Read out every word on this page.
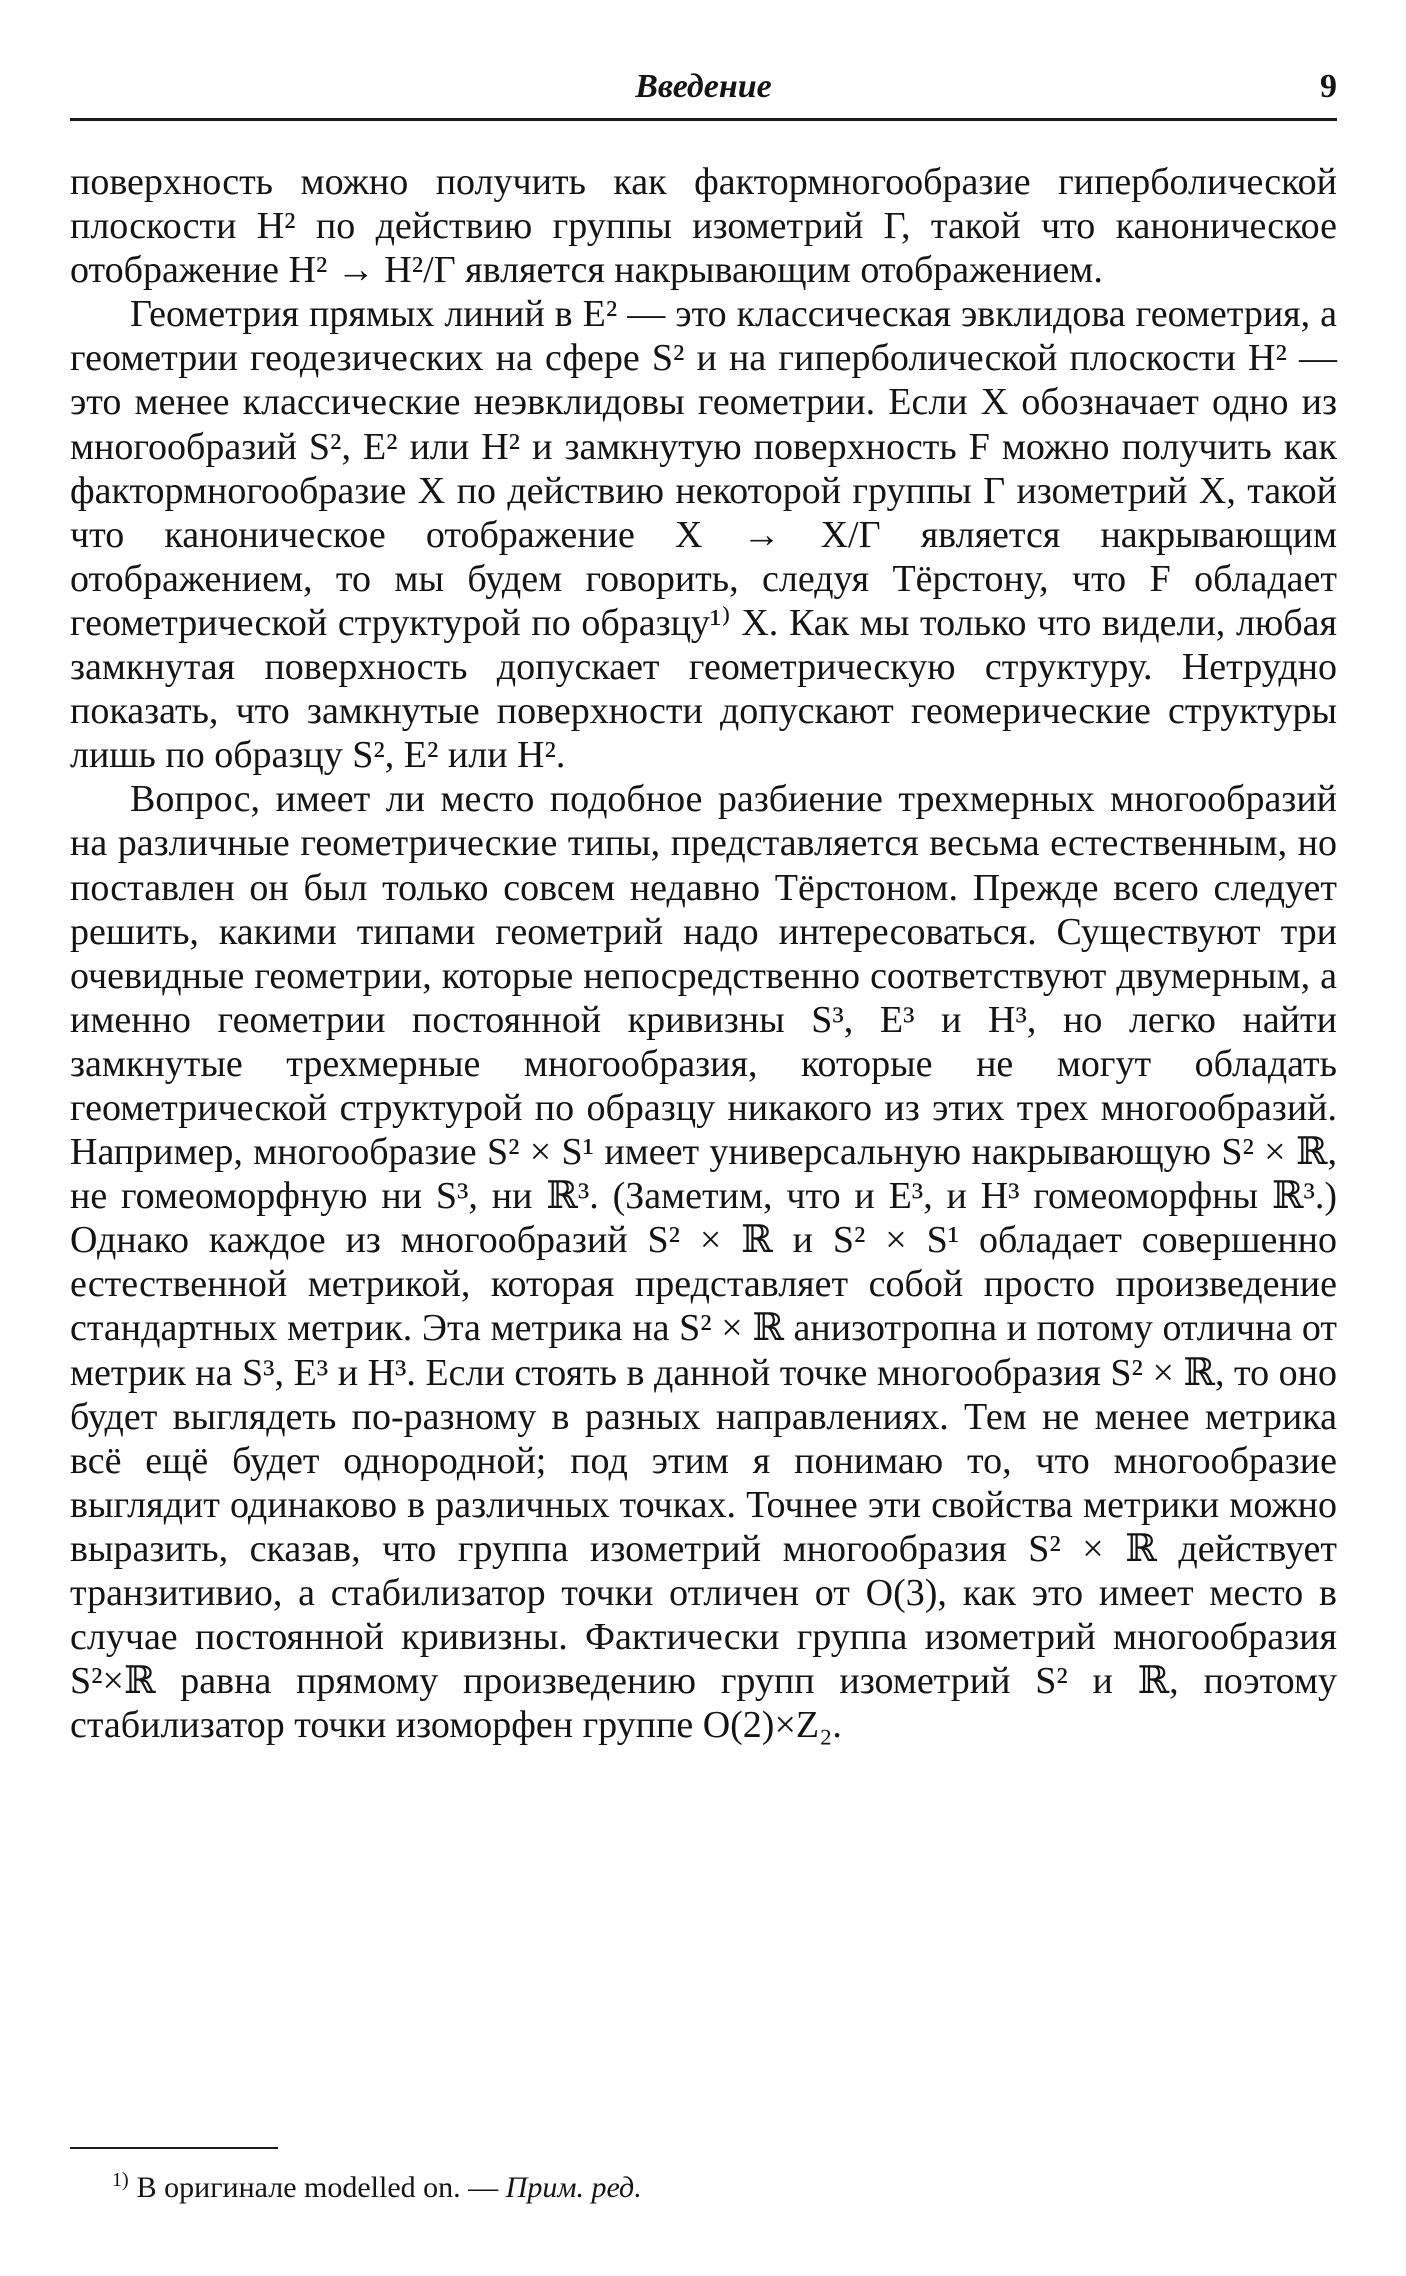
Введение	9

поверхность можно получить как фактормногообразие гиперболической плоскости H² по действию группы изометрий Γ, такой что каноническое отображение H² → H²/Γ является накрывающим отображением.

Геометрия прямых линий в E² — это классическая эвклидова геометрия, а геометрии геодезических на сфере S² и на гиперболической плоскости H² — это менее классические неэвклидовы геометрии. Если X обозначает одно из многообразий S², E² или H² и замкнутую поверхность F можно получить как фактормногообразие X по действию некоторой группы Γ изометрий X, такой что каноническое отображение X → X/Γ является накрывающим отображением, то мы будем говорить, следуя Тёрстону, что F обладает геометрической структурой по образцу¹⁾ X. Как мы только что видели, любая замкнутая поверхность допускает геометрическую структуру. Нетрудно показать, что замкнутые поверхности допускают геомерические структуры лишь по образцу S², E² или H².

Вопрос, имеет ли место подобное разбиение трехмерных многообразий на различные геометрические типы, представляется весьма естественным, но поставлен он был только совсем недавно Тёрстоном. Прежде всего следует решить, какими типами геометрий надо интересоваться. Существуют три очевидные геометрии, которые непосредственно соответствуют двумерным, а именно геометрии постоянной кривизны S³, E³ и H³, но легко найти замкнутые трехмерные многообразия, которые не могут обладать геометрической структурой по образцу никакого из этих трех многообразий. Например, многообразие S² × S¹ имеет универсальную накрывающую S² × ℝ, не гомеоморфную ни S³, ни ℝ³. (Заметим, что и E³, и H³ гомеоморфны ℝ³.) Однако каждое из многообразий S² × ℝ и S² × S¹ обладает совершенно естественной метрикой, которая представляет собой просто произведение стандартных метрик. Эта метрика на S² × ℝ анизотропна и потому отлична от метрик на S³, E³ и H³. Если стоять в данной точке многообразия S² × ℝ, то оно будет выглядеть по-разному в разных направлениях. Тем не менее метрика всё ещё будет однородной; под этим я понимаю то, что многообразие выглядит одинаково в различных точках. Точнее эти свойства метрики можно выразить, сказав, что группа изометрий многообразия S² × ℝ действует транзитивио, а стабилизатор точки отличен от O(3), как это имеет место в случае постоянной кривизны. Фактически группа изометрий многообразия S²×ℝ равна прямому произведению групп изометрий S² и ℝ, поэтому стабилизатор точки изоморфен группе O(2)×Z₂.

$^{1)}$ В оригинале modelled on. — Прим. ред.
